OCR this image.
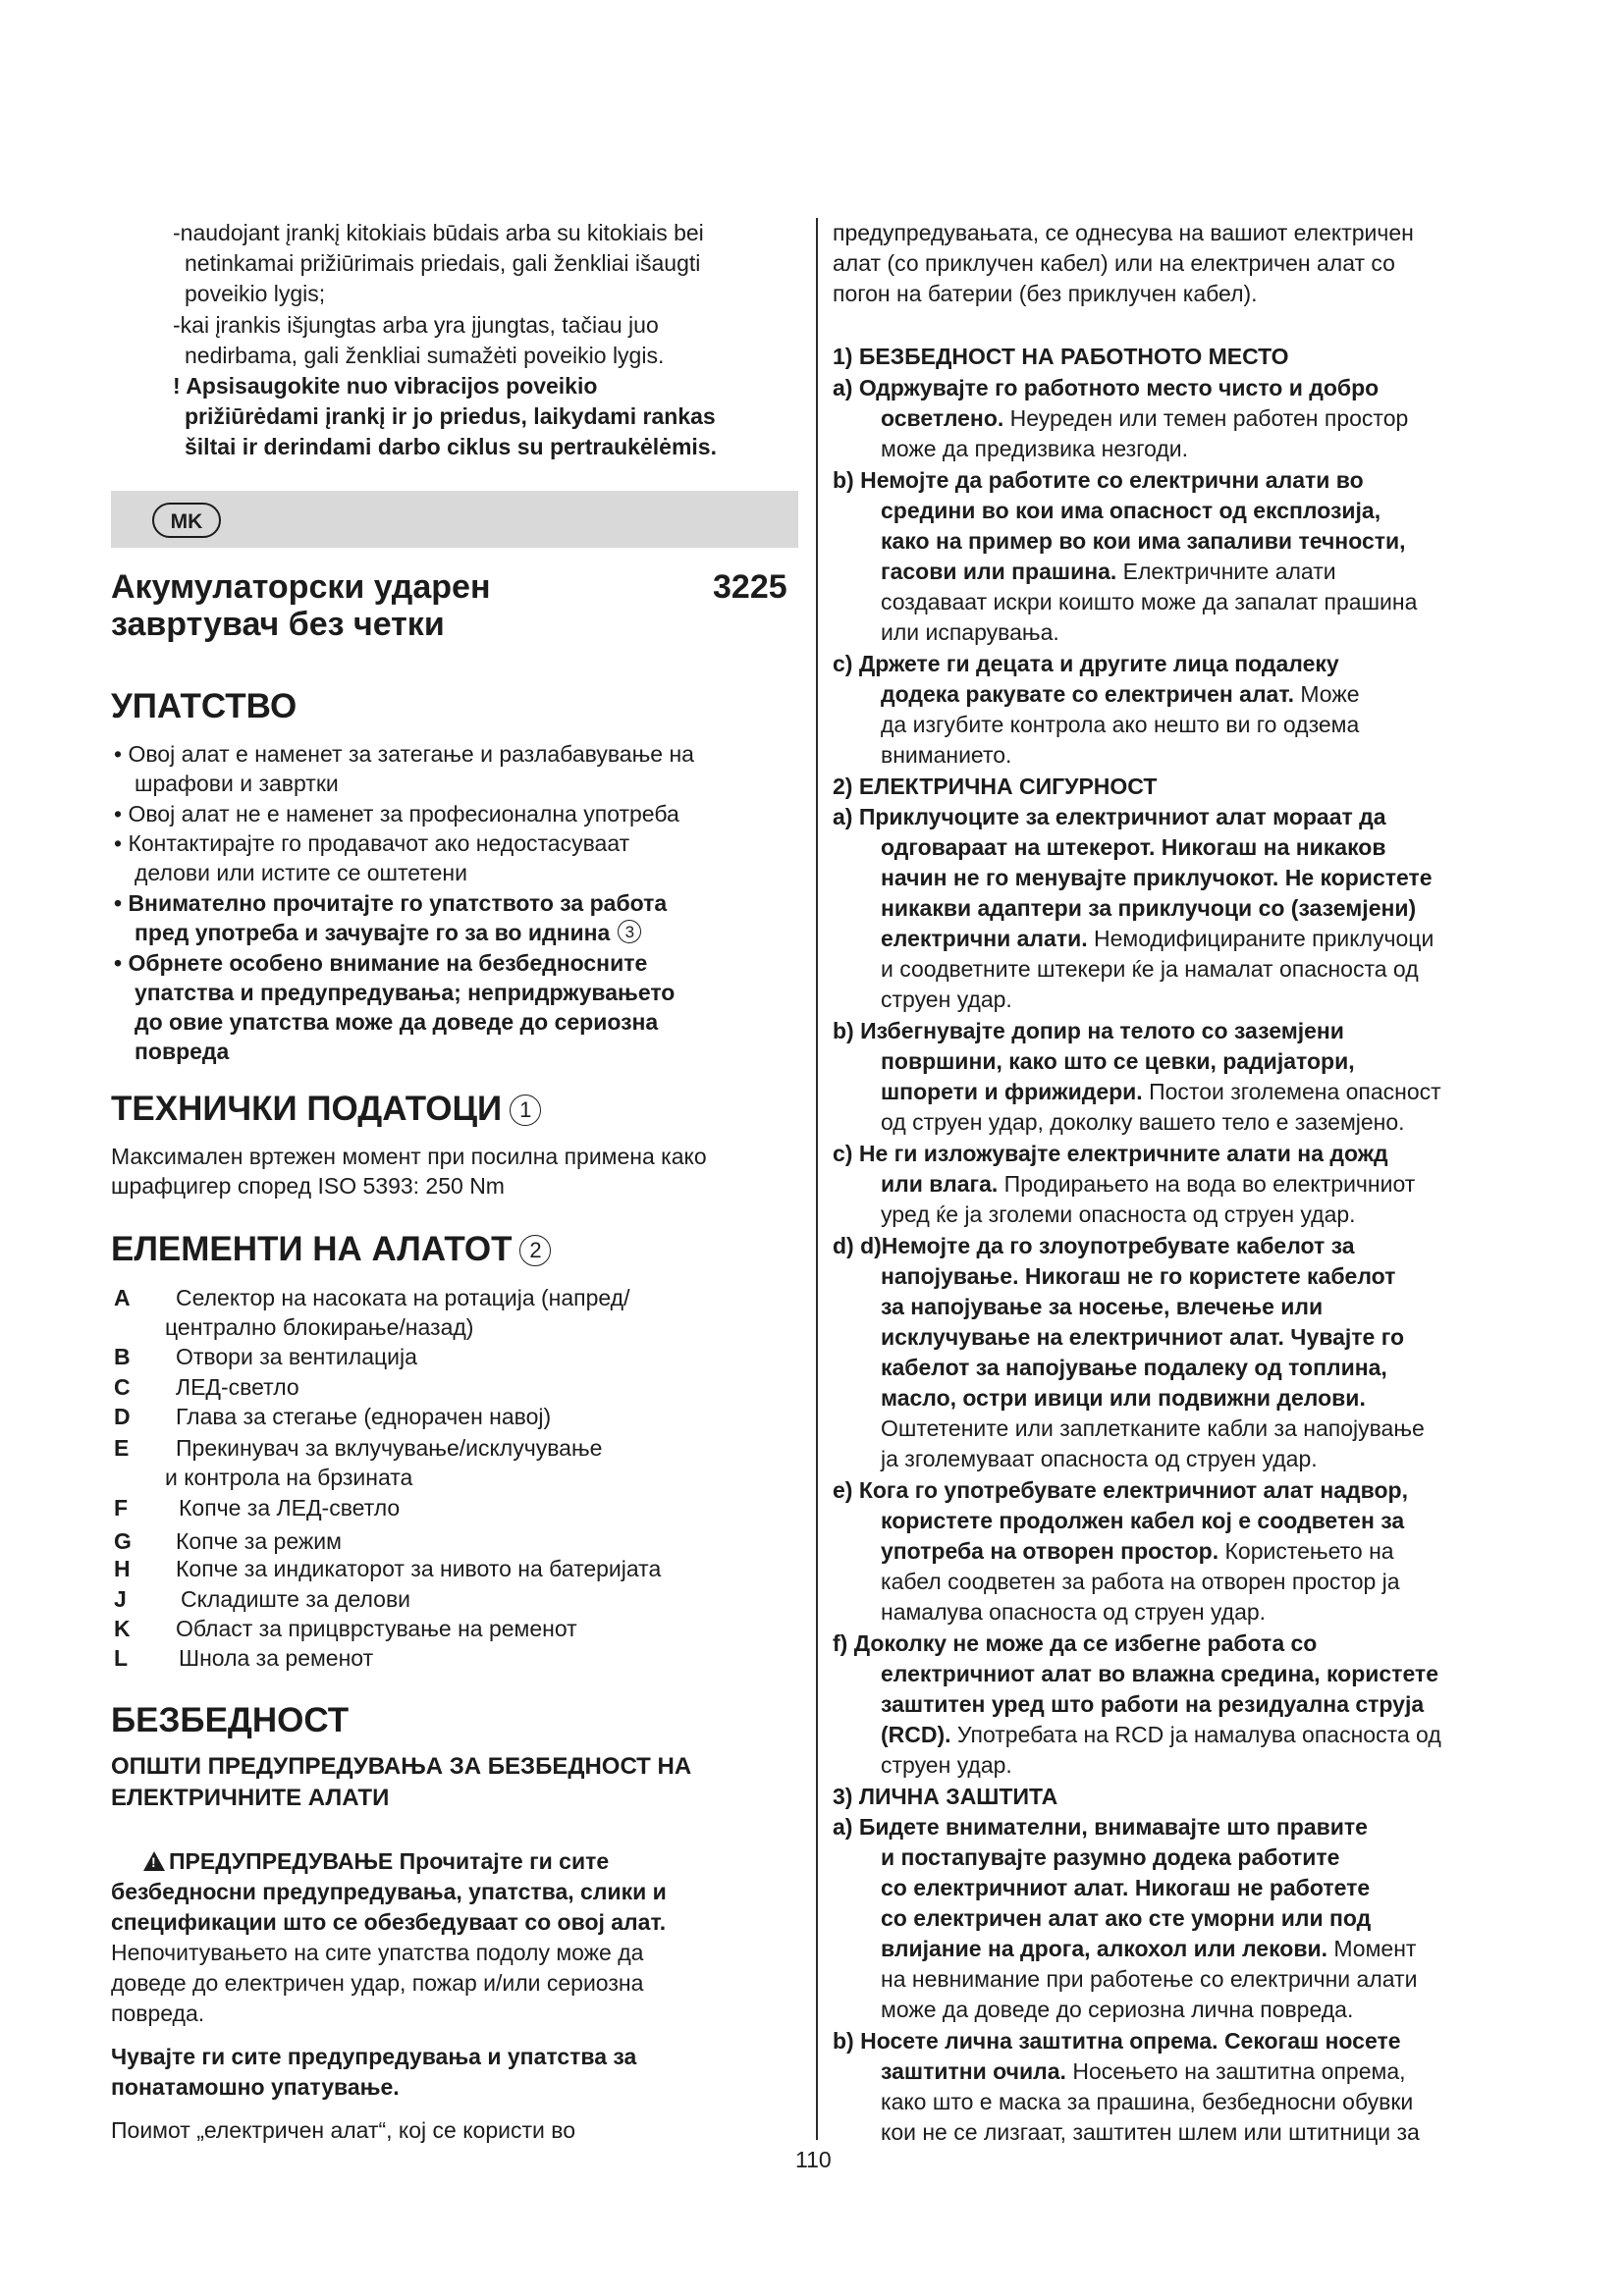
-naudojant įrankį kitokiais būdais arba su kitokiais bei
netinkamai prižiūrimais priedais, gali ženkliai išaugti
poveikio lygis;
-kai įrankis išjungtas arba yra įjungtas, tačiau juo
nedirbama, gali ženkliai sumažėti poveikio lygis.
! Apsisaugokite nuo vibracijos poveikio
prižiūrėdami įrankį ir jo priedus, laikydami rankas
šiltai ir derindami darbo ciklus su pertraukėlėmis.
MK
Акумулаторски ударен
завртувач без четки
3225
УПАТСТВО
• Овој алат е наменет за затегање и разлабавување на
шрафови и завртки
• Овој алат не е наменет за професионална употреба
• Контактирајте го продавачот ако недостасуваат
делови или истите се оштетени
• Внимателно прочитајте го упатството за работа
пред употреба и зачувајте го за во иднина 3
• Обрнете особено внимание на безбедносните
упатства и предупредувања; непридржувањето
до овие упатства може да доведе до сериозна
повреда
ТЕХНИЧКИ ПОДАТОЦИ 1
Максимален вртежен момент при посилна примена како
шрафцигер според ISO 5393: 250 Nm
ЕЛЕМЕНТИ НА АЛАТОТ 2
A Селектор на насоката на ротација (напред/
централно блокирање/назад)
B Отвори за вентилација
C ЛЕД-светло
D Глава за стегање (еднорачен навој)
E Прекинувач за вклучување/исклучување
и контрола на брзината
F Копче за ЛЕД-светло
G Копче за режим
H Копче за индикаторот за нивото на батеријата
J Складиште за делови
K Област за прицврстување на ременот
L Шнола за ременот
БЕЗБЕДНОСТ
ОПШТИ ПРЕДУПРЕДУВАЊА ЗА БЕЗБЕДНОСТ НА
ЕЛЕКТРИЧНИТЕ АЛАТИ
!ПРЕДУПРЕДУВАЊЕ Прочитајте ги сите
безбедносни предупредувања, упатства, слики и
спецификации што се обезбедуваат со овој алат.
Непочитувањето на сите упатства подолу може да
доведе до електричен удар, пожар и/или сериозна
повреда.
Чувајте ги сите предупредувања и упатства за
понатамошно упатување.
Поимот „електричен алат“, кој се користи во
предупредувањата, се однесува на вашиот електричен
алат (со приклучен кабел) или на електричен алат со
погон на батерии (без приклучен кабел).
1) БЕЗБЕДНОСТ НА РАБОТНОТО МЕСТО
a) Одржувајте го работното место чисто и добро
осветлено. Неуреден или темен работен простор
може да предизвика незгоди.
b) Немојте да работите со електрични алати во
средини во кои има опасност од експлозија,
како на пример во кои има запаливи течности,
гасови или прашина. Електричните алати
создаваат искри коишто може да запалат прашина
или испарувања.
c) Држете ги децата и другите лица подалеку
додека ракувате со електричен алат. Може
да изгубите контрола ако нешто ви го одзема
вниманието.
2) ЕЛЕКТРИЧНА СИГУРНОСТ
a) Приклучоците за електричниот алат мораат да
одговараат на штекерот. Никогаш на никаков
начин не го менувајте приклучокот. Не користете
никакви адаптери за приклучоци со (заземјени)
електрични алати. Немодифицираните приклучоци
и соодветните штекери ќе ја намалат опасноста од
струен удар.
b) Избегнувајте допир на телото со заземјени
површини, како што се цевки, радијатори,
шпорети и фрижидери. Постои зголемена опасност
од струен удар, доколку вашето тело е заземјено.
c) Не ги изложувајте електричните алати на дожд
или влага. Продирањето на вода во електричниот
уред ќе ја зголеми опасноста од струен удар.
d) d)Немојте да го злоупотребувате кабелот за
напојување. Никогаш не го користете кабелот
за напојување за носење, влечење или
исклучување на електричниот алат. Чувајте го
кабелот за напојување подалеку од топлина,
масло, остри ивици или подвижни делови.
Оштетените или заплетканите кабли за напојување
ја зголемуваат опасноста од струен удар.
e) Кога го употребувате електричниот алат надвор,
користете продолжен кабел кој е соодветен за
употреба на отворен простор. Користењето на
кабел соодветен за работа на отворен простор ја
намалува опасноста од струен удар.
f) Доколку не може да се избегне работа со
електричниот алат во влажна средина, користете
заштитен уред што работи на резидуална струја
(RCD). Употребата на RCD ја намалува опасноста од
струен удар.
3) ЛИЧНА ЗАШТИТА
a) Бидете внимателни, внимавајте што правите
и постапувајте разумно додека работите
со електричниот алат. Никогаш не работете
со електричен алат ако сте уморни или под
влијание на дрога, алкохол или лекови. Момент
на невнимание при работење со електрични алати
може да доведе до сериозна лична повреда.
b) Носете лична заштитна опрема. Секогаш носете
заштитни очила. Носењето на заштитна опрема,
како што е маска за прашина, безбедносни обувки
кои не се лизгаат, заштитен шлем или штитници за
110
